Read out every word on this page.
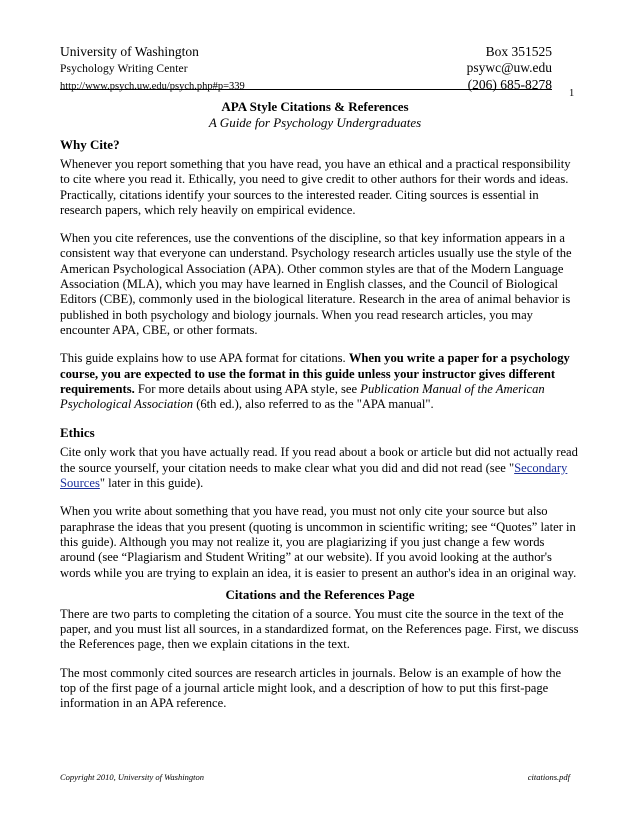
University of Washington	Box 351525
Psychology Writing Center	psywc@uw.edu
http://www.psych.uw.edu/psych.php#p=339	(206) 685-8278
1
APA Style Citations & References
A Guide for Psychology Undergraduates
Why Cite?

Whenever you report something that you have read, you have an ethical and a practical responsibility to cite where you read it. Ethically, you need to give credit to other authors for their words and ideas. Practically, citations identify your sources to the interested reader. Citing sources is essential in research papers, which rely heavily on empirical evidence.

When you cite references, use the conventions of the discipline, so that key information appears in a consistent way that everyone can understand. Psychology research articles usually use the style of the American Psychological Association (APA). Other common styles are that of the Modern Language Association (MLA), which you may have learned in English classes, and the Council of Biological Editors (CBE), commonly used in the biological literature. Research in the area of animal behavior is published in both psychology and biology journals. When you read research articles, you may encounter APA, CBE, or other formats.

This guide explains how to use APA format for citations. When you write a paper for a psychology course, you are expected to use the format in this guide unless your instructor gives different requirements. For more details about using APA style, see Publication Manual of the American Psychological Association (6th ed.), also referred to as the "APA manual".

Ethics

Cite only work that you have actually read. If you read about a book or article but did not actually read the source yourself, your citation needs to make clear what you did and did not read (see "Secondary Sources" later in this guide).

When you write about something that you have read, you must not only cite your source but also paraphrase the ideas that you present (quoting is uncommon in scientific writing; see “Quotes” later in this guide). Although you may not realize it, you are plagiarizing if you just change a few words around (see “Plagiarism and Student Writing” at our website). If you avoid looking at the author's words while you are trying to explain an idea, it is easier to present an author's idea in an original way.

Citations and the References Page

There are two parts to completing the citation of a source. You must cite the source in the text of the paper, and you must list all sources, in a standardized format, on the References page. First, we discuss the References page, then we explain citations in the text.

The most commonly cited sources are research articles in journals. Below is an example of how the top of the first page of a journal article might look, and a description of how to put this first-page information in an APA reference.

Copyright 2010, University of Washington	citations.pdf
